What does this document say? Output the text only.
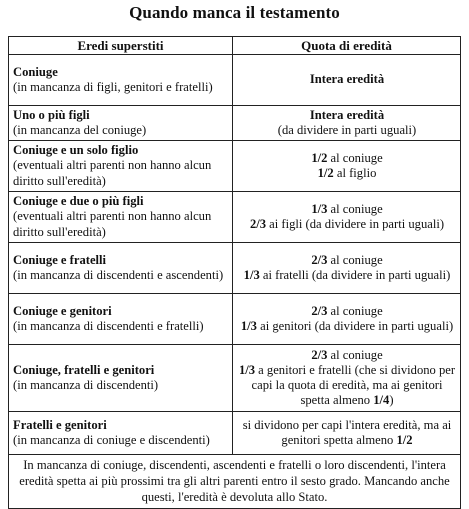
Quando manca il testamento
Eredi superstiti	Quota di eredità

Coniuge
(in mancanza di figli, genitori e fratelli)	Intera eredità

Uno o più figli
(in mancanza del coniuge)	Intera eredità
(da dividere in parti uguali)

Coniuge e un solo figlio
(eventuali altri parenti non hanno alcun diritto sull'eredità)	1/2 al coniuge
1/2 al figlio

Coniuge e due o più figli
(eventuali altri parenti non hanno alcun diritto sull'eredità)	1/3 al coniuge
2/3 ai figli (da dividere in parti uguali)

Coniuge e fratelli
(in mancanza di discendenti e ascendenti)	2/3 al coniuge
1/3 ai fratelli (da dividere in parti uguali)

Coniuge e genitori
(in mancanza di discendenti e fratelli)	2/3 al coniuge
1/3 ai genitori (da dividere in parti uguali)

Coniuge, fratelli e genitori
(in mancanza di discendenti)	2/3 al coniuge
1/3 a genitori e fratelli (che si dividono per capi la quota di eredità, ma ai genitori spetta almeno 1/4)

Fratelli e genitori
(in mancanza di coniuge e discendenti)	si dividono per capi l'intera eredità, ma ai genitori spetta almeno 1/2
In mancanza di coniuge, discendenti, ascendenti e fratelli o loro discendenti, l'intera eredità spetta ai più prossimi tra gli altri parenti entro il sesto grado. Mancando anche questi, l'eredità è devoluta allo Stato.	
